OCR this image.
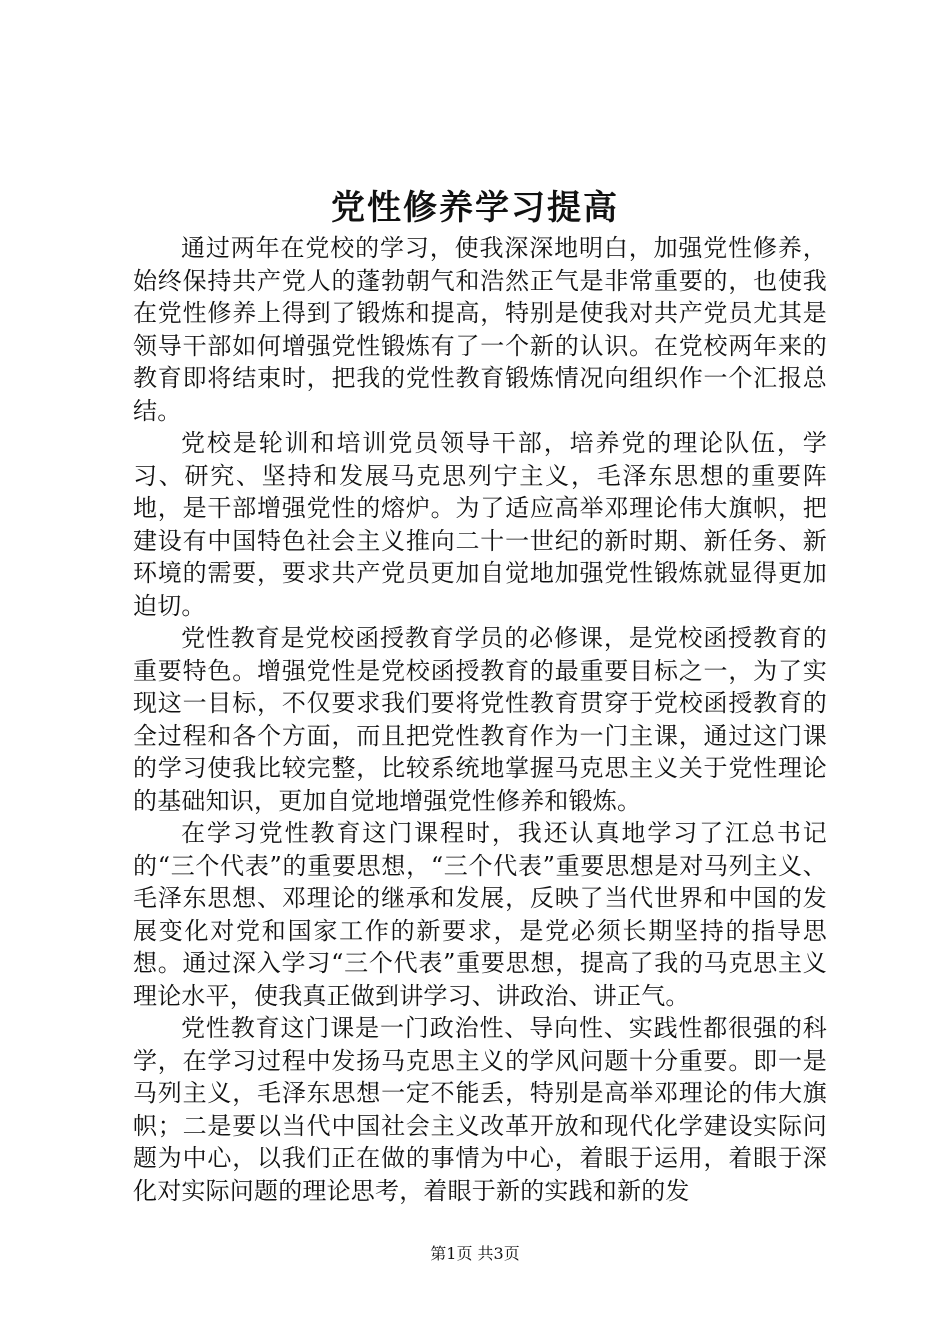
党性修养学习提高

通过两年在党校的学习，使我深深地明白，加强党性修养，始终保持共产党人的蓬勃朝气和浩然正气是非常重要的，也使我在党性修养上得到了锻炼和提高，特别是使我对共产党员尤其是领导干部如何增强党性锻炼有了一个新的认识。在党校两年来的教育即将结束时，把我的党性教育锻炼情况向组织作一个汇报总结。

党校是轮训和培训党员领导干部，培养党的理论队伍，学习、研究、坚持和发展马克思列宁主义，毛泽东思想的重要阵地，是干部增强党性的熔炉。为了适应高举邓理论伟大旗帜，把建设有中国特色社会主义推向二十一世纪的新时期、新任务、新环境的需要，要求共产党员更加自觉地加强党性锻炼就显得更加迫切。

党性教育是党校函授教育学员的必修课，是党校函授教育的重要特色。增强党性是党校函授教育的最重要目标之一，为了实现这一目标，不仅要求我们要将党性教育贯穿于党校函授教育的全过程和各个方面，而且把党性教育作为一门主课，通过这门课的学习使我比较完整，比较系统地掌握马克思主义关于党性理论的基础知识，更加自觉地增强党性修养和锻炼。

在学习党性教育这门课程时，我还认真地学习了江总书记的“三个代表”的重要思想，“三个代表”重要思想是对马列主义、毛泽东思想、邓理论的继承和发展，反映了当代世界和中国的发展变化对党和国家工作的新要求，是党必须长期坚持的指导思想。通过深入学习“三个代表”重要思想，提高了我的马克思主义理论水平，使我真正做到讲学习、讲政治、讲正气。

党性教育这门课是一门政治性、导向性、实践性都很强的科学，在学习过程中发扬马克思主义的学风问题十分重要。即一是马列主义，毛泽东思想一定不能丢，特别是高举邓理论的伟大旗帜；二是要以当代中国社会主义改革开放和现代化学建设实际问题为中心，以我们正在做的事情为中心，着眼于运用，着眼于深化对实际问题的理论思考，着眼于新的实践和新的发

第1页 共3页
